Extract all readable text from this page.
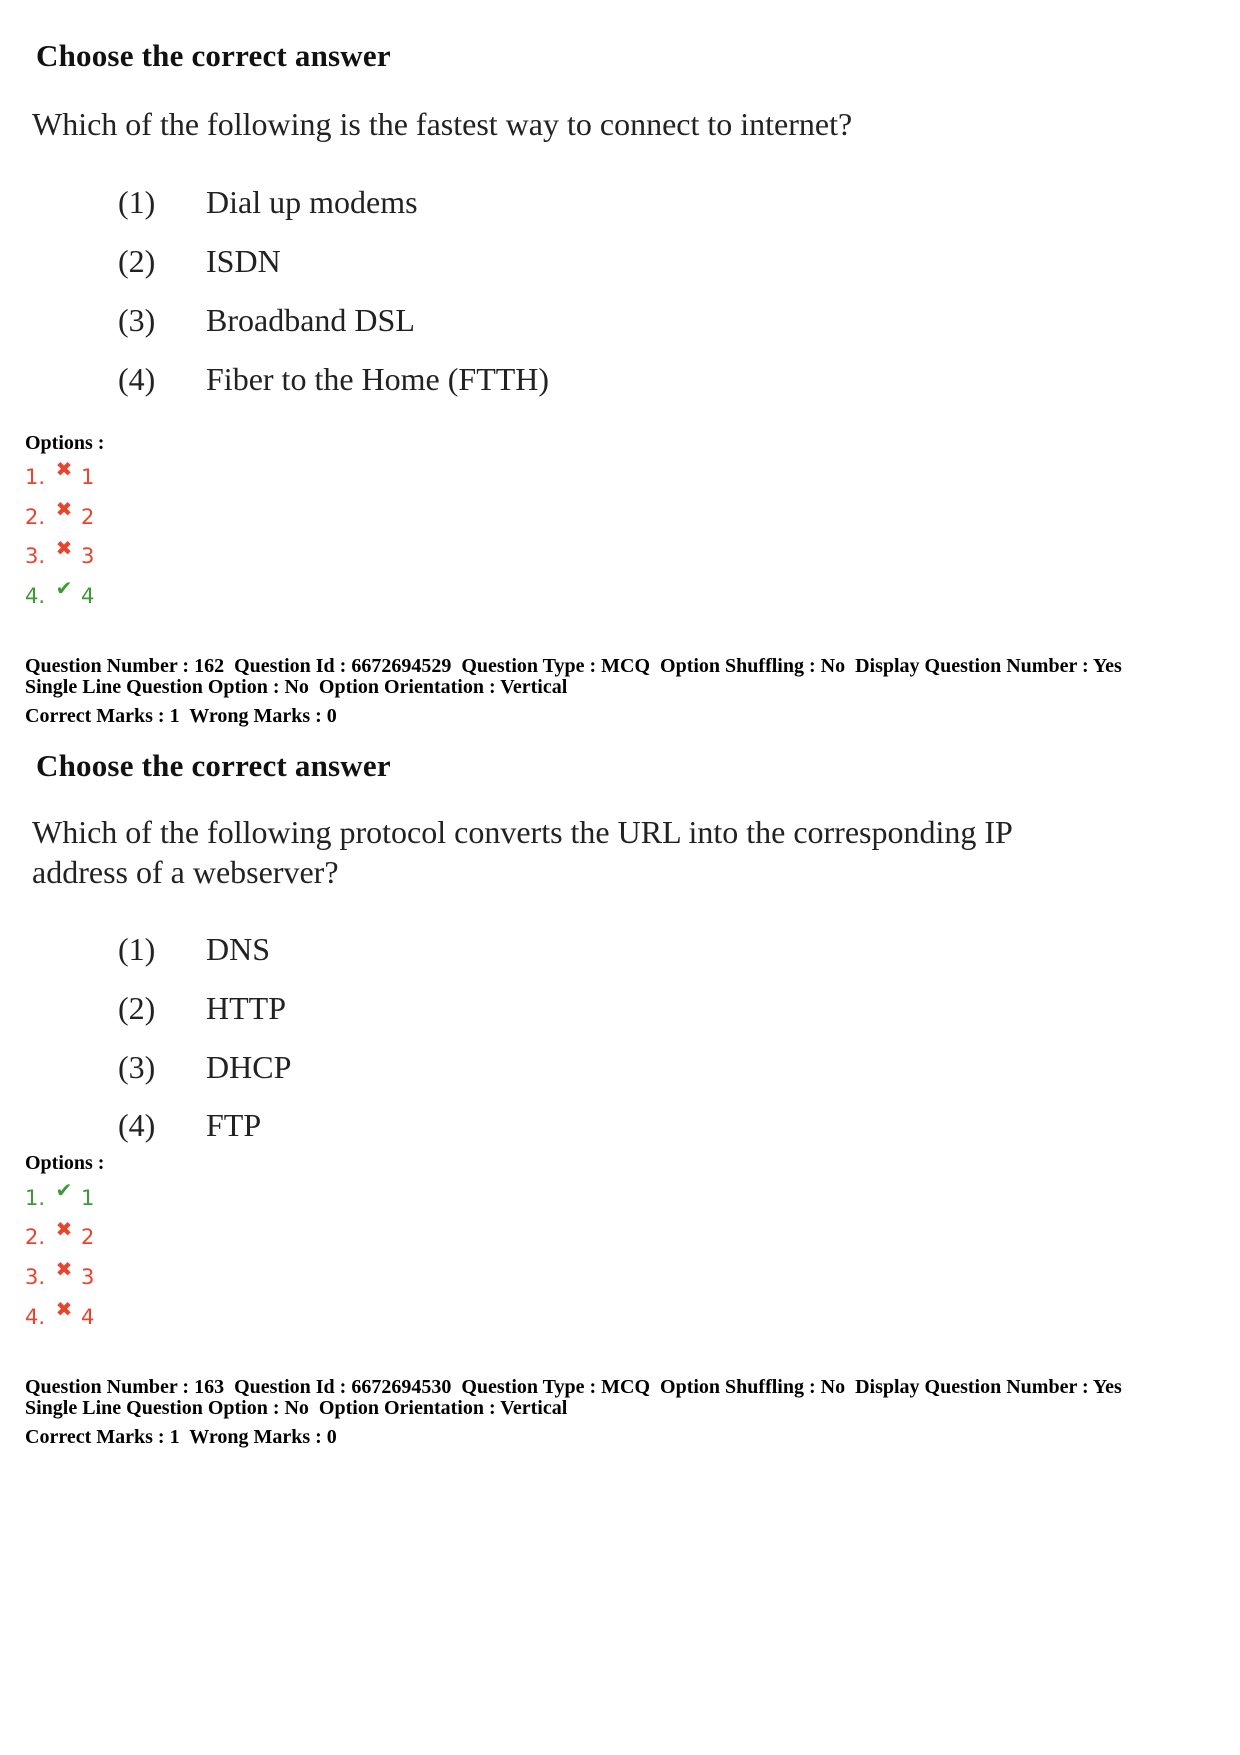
Choose the correct answer
Which of the following is the fastest way to connect to internet?
(1) Dial up modems
(2) ISDN
(3) Broadband DSL
(4) Fiber to the Home (FTTH)
Options :
1. ✖ 1
2. ✖ 2
3. ✖ 3
4. ✔ 4
Question Number : 162  Question Id : 6672694529  Question Type : MCQ  Option Shuffling : No  Display Question Number : Yes
Single Line Question Option : No  Option Orientation : Vertical
Correct Marks : 1  Wrong Marks : 0
Choose the correct answer
Which of the following protocol converts the URL into the corresponding IP
address of a webserver?
(1) DNS
(2) HTTP
(3) DHCP
(4) FTP
Options :
1. ✔ 1
2. ✖ 2
3. ✖ 3
4. ✖ 4
Question Number : 163  Question Id : 6672694530  Question Type : MCQ  Option Shuffling : No  Display Question Number : Yes
Single Line Question Option : No  Option Orientation : Vertical
Correct Marks : 1  Wrong Marks : 0
